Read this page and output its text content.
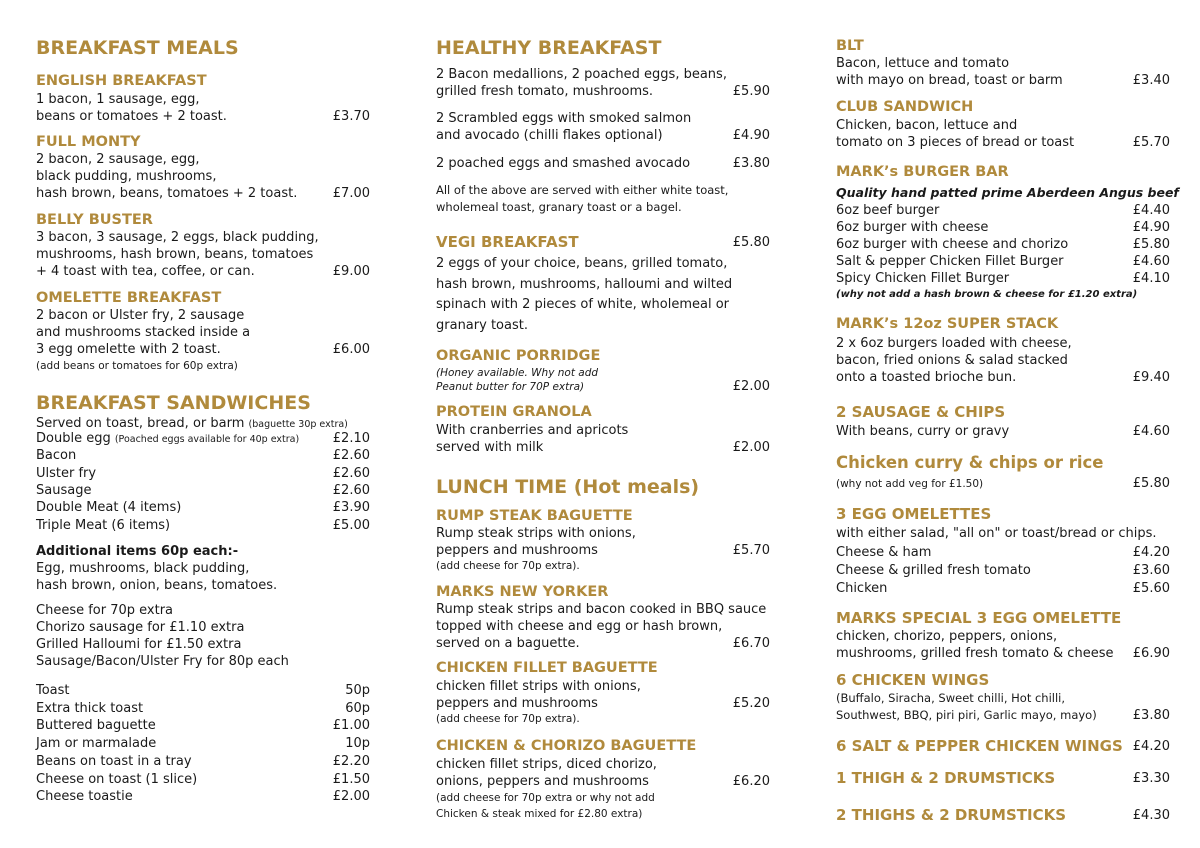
BREAKFAST MEALS
ENGLISH BREAKFAST
1 bacon, 1 sausage, egg,
beans or tomatoes + 2 toast.	£3.70
FULL MONTY
2 bacon, 2 sausage, egg,
black pudding, mushrooms,
hash brown, beans, tomatoes + 2 toast.	£7.00
BELLY BUSTER
3 bacon, 3 sausage, 2 eggs, black pudding,
mushrooms, hash brown, beans, tomatoes
+ 4 toast with tea, coffee, or can.	£9.00
OMELETTE BREAKFAST
2 bacon or Ulster fry, 2 sausage
and mushrooms stacked inside a
3 egg omelette with 2 toast.	£6.00
(add beans or tomatoes for 60p extra)
BREAKFAST SANDWICHES
Served on toast, bread, or barm (baguette 30p extra)
Double egg (Poached eggs available for 40p extra)	£2.10
Bacon	£2.60
Ulster fry	£2.60
Sausage	£2.60
Double Meat (4 items)	£3.90
Triple Meat (6 items)	£5.00
Additional items 60p each:-
Egg, mushrooms, black pudding,
hash brown, onion, beans, tomatoes.
Cheese for 70p extra
Chorizo sausage for £1.10 extra
Grilled Halloumi for £1.50 extra
Sausage/Bacon/Ulster Fry for 80p each
Toast	50p
Extra thick toast	60p
Buttered baguette	£1.00
Jam or marmalade	10p
Beans on toast in a tray	£2.20
Cheese on toast (1 slice)	£1.50
Cheese toastie	£2.00
HEALTHY BREAKFAST
2 Bacon medallions, 2 poached eggs, beans,
grilled fresh tomato, mushrooms.	£5.90
2 Scrambled eggs with smoked salmon
and avocado (chilli flakes optional)	£4.90
2 poached eggs and smashed avocado	£3.80
All of the above are served with either white toast,
wholemeal toast, granary toast or a bagel.
VEGI BREAKFAST	£5.80
2 eggs of your choice, beans, grilled tomato,
hash brown, mushrooms, halloumi and wilted
spinach with 2 pieces of white, wholemeal or
granary toast.
ORGANIC PORRIDGE
(Honey available. Why not add
Peanut butter for 70P extra)	£2.00
PROTEIN GRANOLA
With cranberries and apricots
served with milk	£2.00
LUNCH TIME (Hot meals)
RUMP STEAK BAGUETTE
Rump steak strips with onions,
peppers and mushrooms	£5.70
(add cheese for 70p extra).
MARKS NEW YORKER
Rump steak strips and bacon cooked in BBQ sauce
topped with cheese and egg or hash brown,
served on a baguette.	£6.70
CHICKEN FILLET BAGUETTE
chicken fillet strips with onions,
peppers and mushrooms	£5.20
(add cheese for 70p extra).
CHICKEN & CHORIZO BAGUETTE
chicken fillet strips, diced chorizo,
onions, peppers and mushrooms	£6.20
(add cheese for 70p extra or why not add
Chicken & steak mixed for £2.80 extra)
BLT
Bacon, lettuce and tomato
with mayo on bread, toast or barm	£3.40
CLUB SANDWICH
Chicken, bacon, lettuce and
tomato on 3 pieces of bread or toast	£5.70
MARK’s BURGER BAR
Quality hand patted prime Aberdeen Angus beef
6oz beef burger	£4.40
6oz burger with cheese	£4.90
6oz burger with cheese and chorizo	£5.80
Salt & pepper Chicken Fillet Burger	£4.60
Spicy Chicken Fillet Burger	£4.10
(why not add a hash brown & cheese for £1.20 extra)
MARK’s 12oz SUPER STACK
2 x 6oz burgers loaded with cheese,
bacon, fried onions & salad stacked
onto a toasted brioche bun.	£9.40
2 SAUSAGE & CHIPS
With beans, curry or gravy	£4.60
Chicken curry & chips or rice
(why not add veg for £1.50)	£5.80
3 EGG OMELETTES
with either salad, "all on" or toast/bread or chips.
Cheese & ham	£4.20
Cheese & grilled fresh tomato	£3.60
Chicken	£5.60
MARKS SPECIAL 3 EGG OMELETTE
chicken, chorizo, peppers, onions,
mushrooms, grilled fresh tomato & cheese £6.90
6 CHICKEN WINGS
(Buffalo, Siracha, Sweet chilli, Hot chilli,
Southwest, BBQ, piri piri, Garlic mayo, mayo)	£3.80
6 SALT & PEPPER CHICKEN WINGS £4.20
1 THIGH & 2 DRUMSTICKS	£3.30
2 THIGHS & 2 DRUMSTICKS	£4.30
